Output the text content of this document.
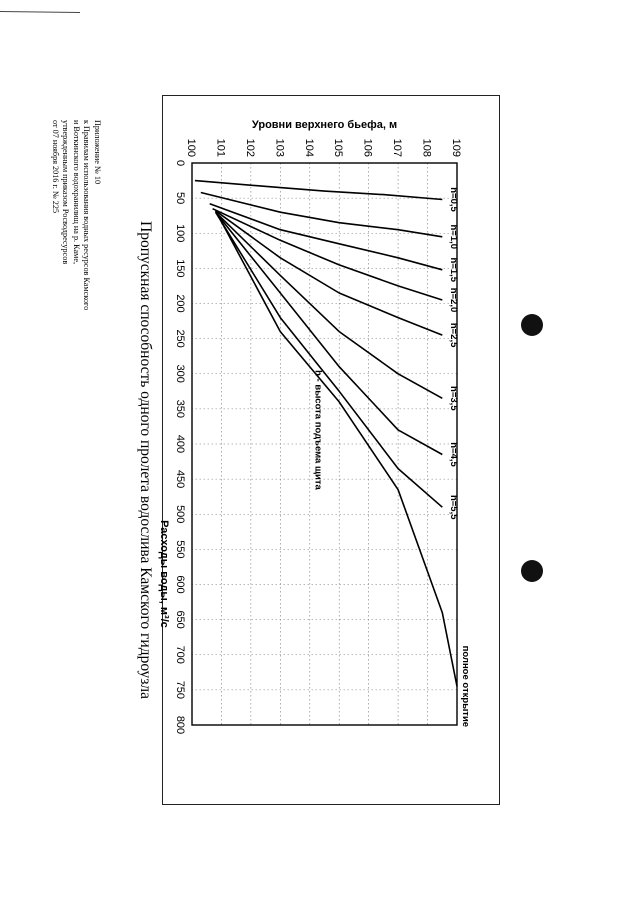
Приложение № 10
к Правилам использования водных ресурсов Камского
и Воткинского водохранилищ на р. Каме,
утвержденным приказом Росводресурсов
от 07 ноября 2016 г. № 225
Пропускная способность одного пролета водослива Камского гидроузла
0
50
100
150
200
250
300
350
400
450
500
550
600
650
700
750
800
100 101 102 103 104 105 106 107 108 109
Уровни верхнего бьефа, м
Расходы воды, м³/с
h=0,5
h=1,0
h=1,5
h=2,0
h=2,5
h=3,5
h=4,5
h=5,5
полное открытие
h - высота подъема щита
